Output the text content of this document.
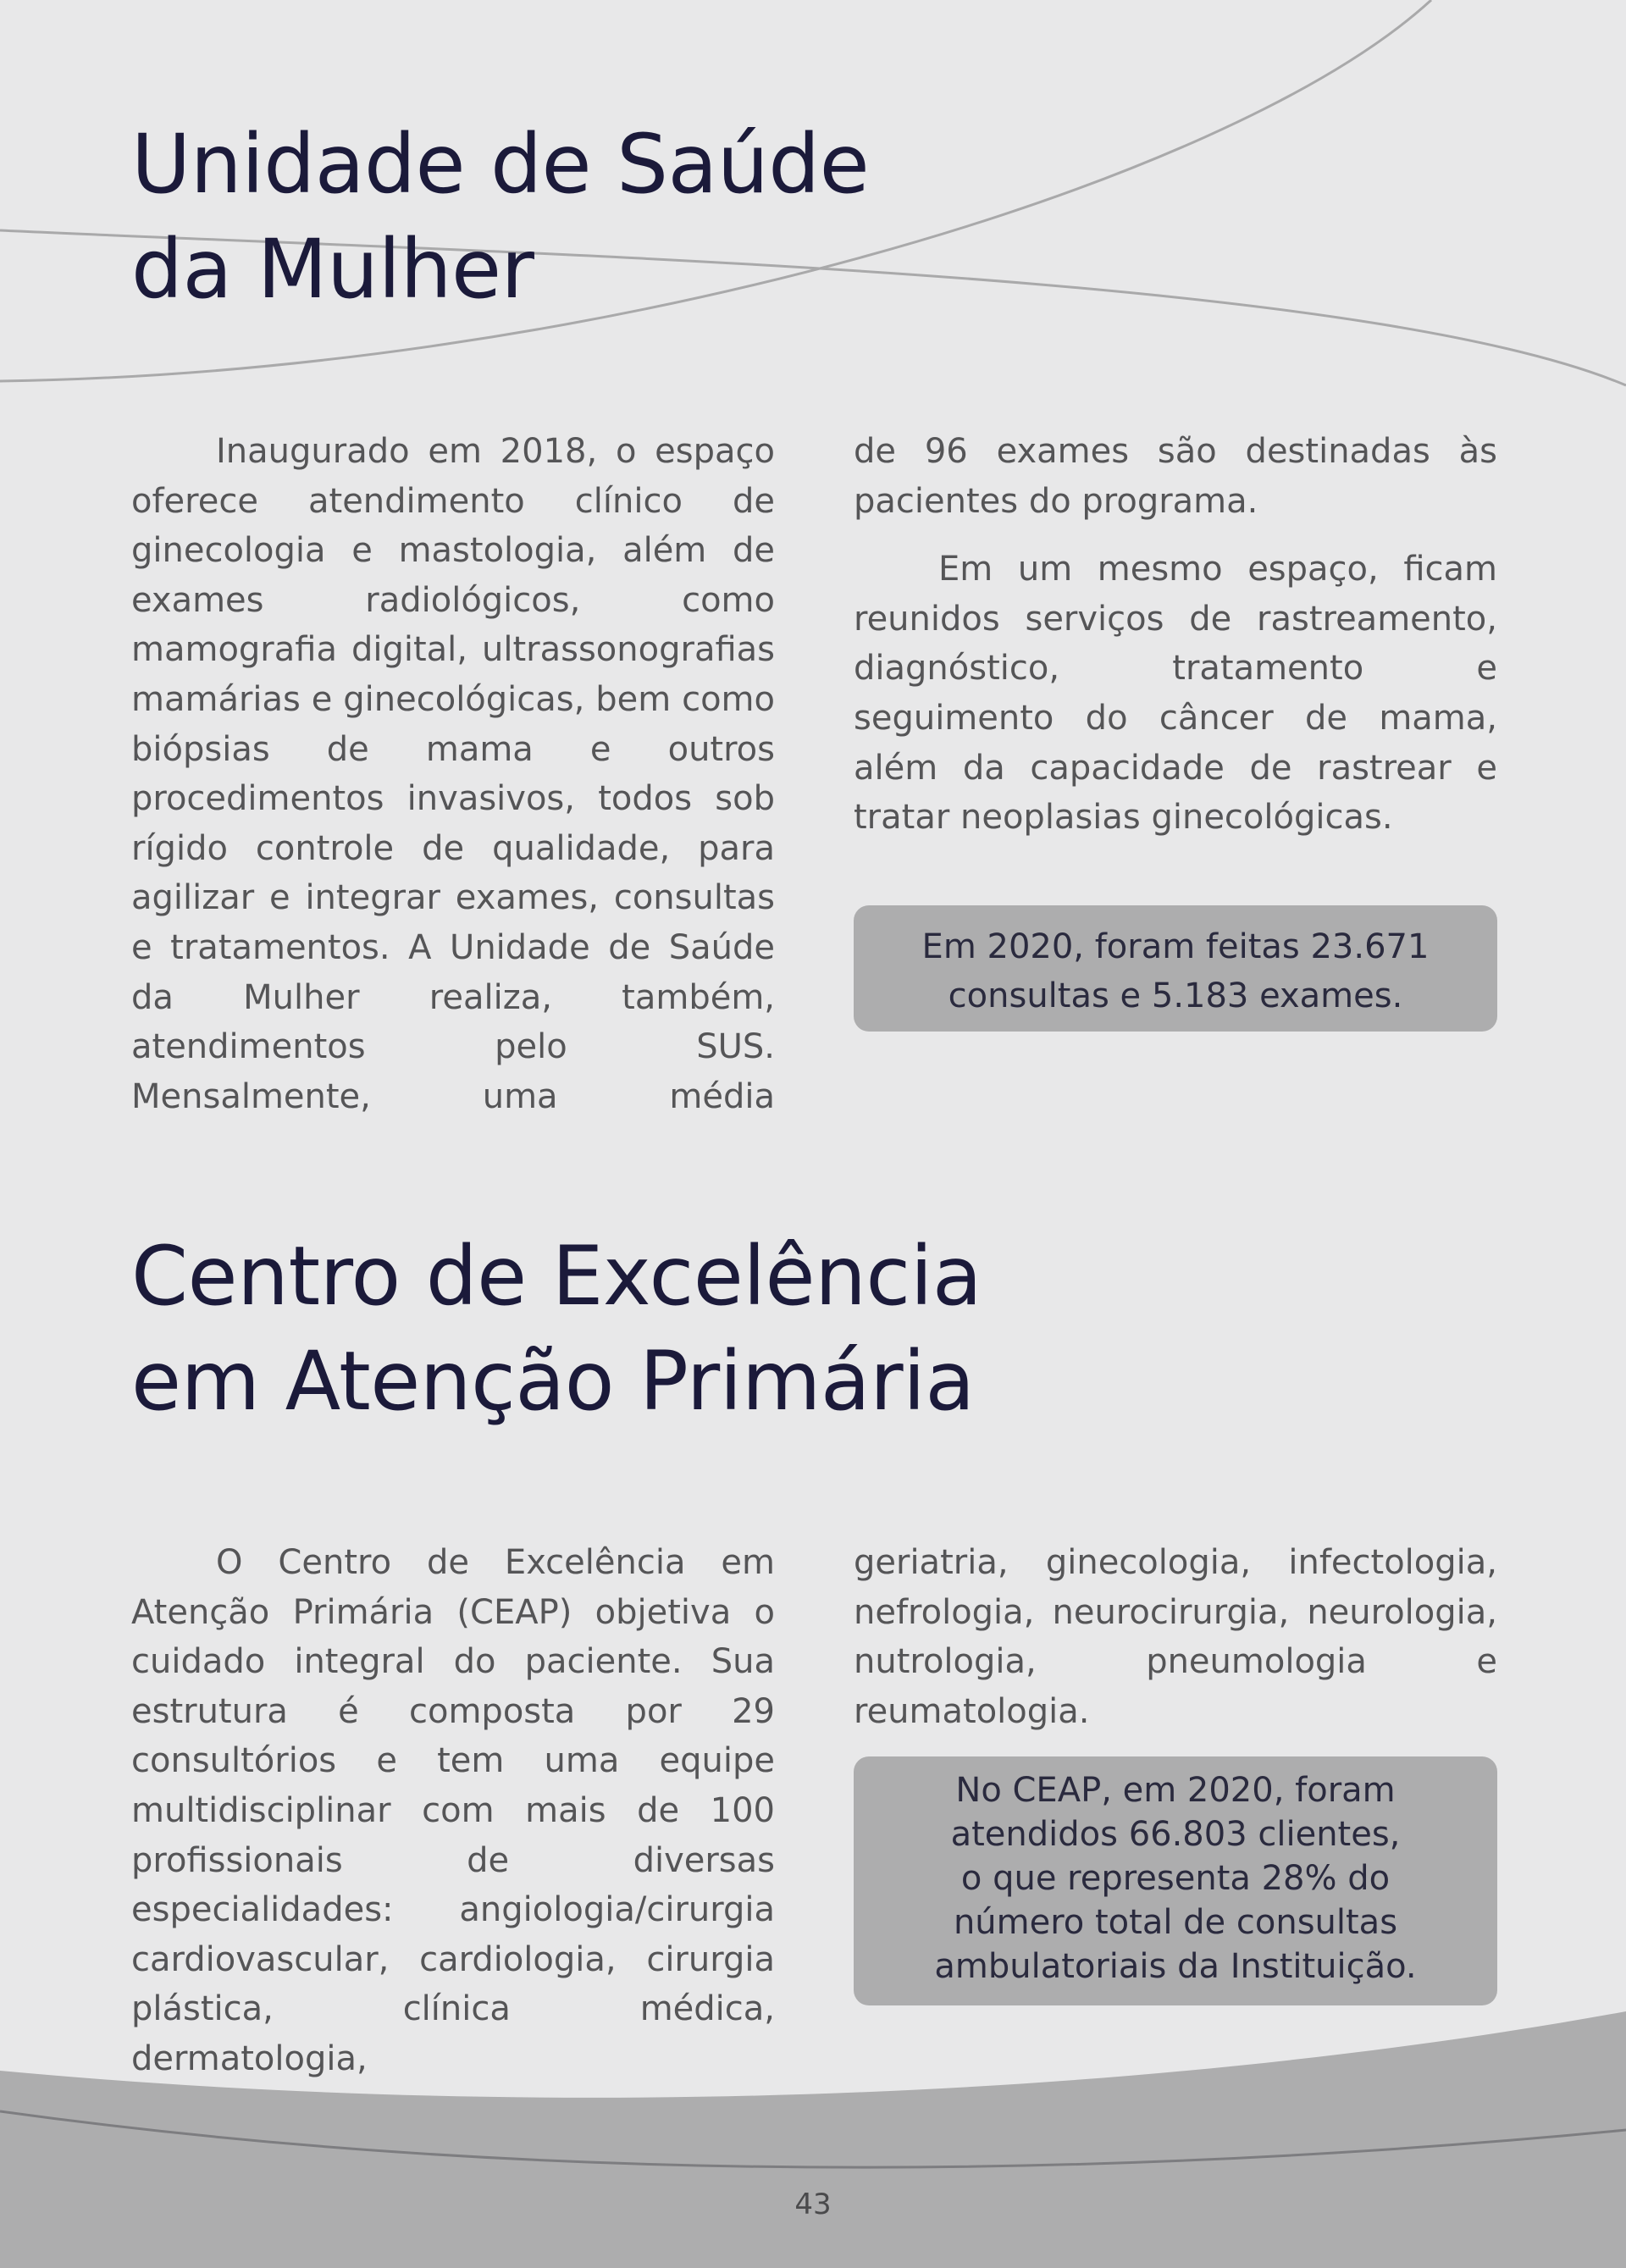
Unidade de Saúde
da Mulher

Inaugurado em 2018, o espaço oferece atendimento clínico de ginecologia e mastologia, além de exames radiológicos, como mamografia digital, ultrassonografias mamárias e ginecológicas, bem como biópsias de mama e outros procedimentos invasivos, todos sob rígido controle de qualidade, para agilizar e integrar exames, consultas e tratamentos. A Unidade de Saúde da Mulher realiza, também, atendimentos pelo SUS. Mensalmente, uma média

de 96 exames são destinadas às pacientes do programa.

Em um mesmo espaço, ficam reunidos serviços de rastreamento, diagnóstico, tratamento e seguimento do câncer de mama, além da capacidade de rastrear e tratar neoplasias ginecológicas.

Em 2020, foram feitas 23.671
consultas e 5.183 exames.
Centro de Excelência
em Atenção Primária

O Centro de Excelência em Atenção Primária (CEAP) objetiva o cuidado integral do paciente. Sua estrutura é composta por 29 consultórios e tem uma equipe multidisciplinar com mais de 100 profissionais de diversas especialidades: angiologia/cirurgia cardiovascular, cardiologia, cirurgia plástica, clínica médica, dermatologia,

geriatria, ginecologia, infectologia, nefrologia, neurocirurgia, neurologia, nutrologia, pneumologia e reumatologia.

No CEAP, em 2020, foram
atendidos 66.803 clientes,
o que representa 28% do
número total de consultas
ambulatoriais da Instituição.
43
